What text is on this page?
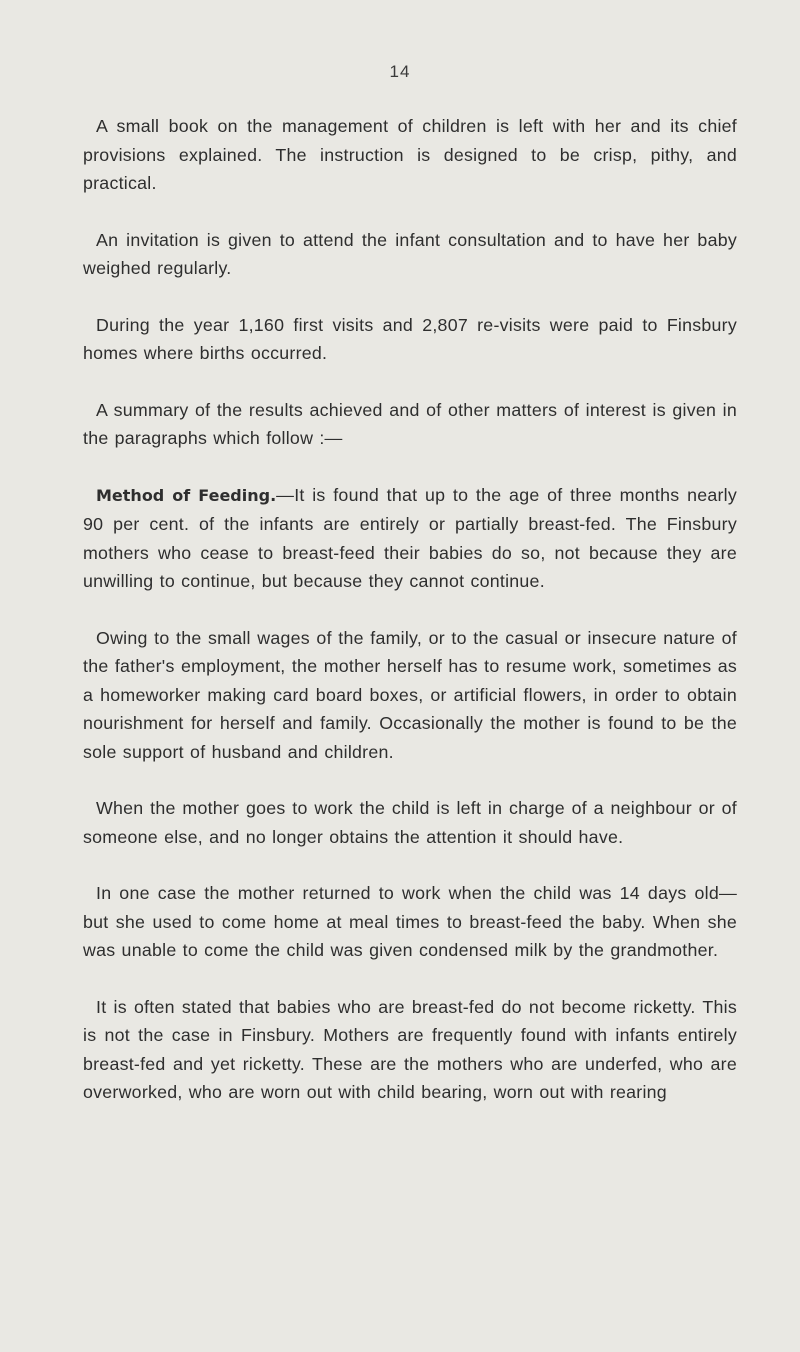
14

A small book on the management of children is left with her and its chief provisions explained. The instruction is designed to be crisp, pithy, and practical.

An invitation is given to attend the infant consultation and to have her baby weighed regularly.

During the year 1,160 first visits and 2,807 re-visits were paid to Finsbury homes where births occurred.

A summary of the results achieved and of other matters of interest is given in the paragraphs which follow :—

Method of Feeding.—It is found that up to the age of three months nearly 90 per cent. of the infants are entirely or partially breast-fed. The Finsbury mothers who cease to breast-feed their babies do so, not because they are unwilling to continue, but because they cannot continue.

Owing to the small wages of the family, or to the casual or insecure nature of the father's employment, the mother herself has to resume work, sometimes as a homeworker making card board boxes, or artificial flowers, in order to obtain nourishment for herself and family. Occasionally the mother is found to be the sole support of husband and children.

When the mother goes to work the child is left in charge of a neighbour or of someone else, and no longer obtains the attention it should have.

In one case the mother returned to work when the child was 14 days old—but she used to come home at meal times to breast-feed the baby. When she was unable to come the child was given condensed milk by the grandmother.

It is often stated that babies who are breast-fed do not become ricketty. This is not the case in Finsbury. Mothers are frequently found with infants entirely breast-fed and yet ricketty. These are the mothers who are underfed, who are overworked, who are worn out with child bearing, worn out with rearing
